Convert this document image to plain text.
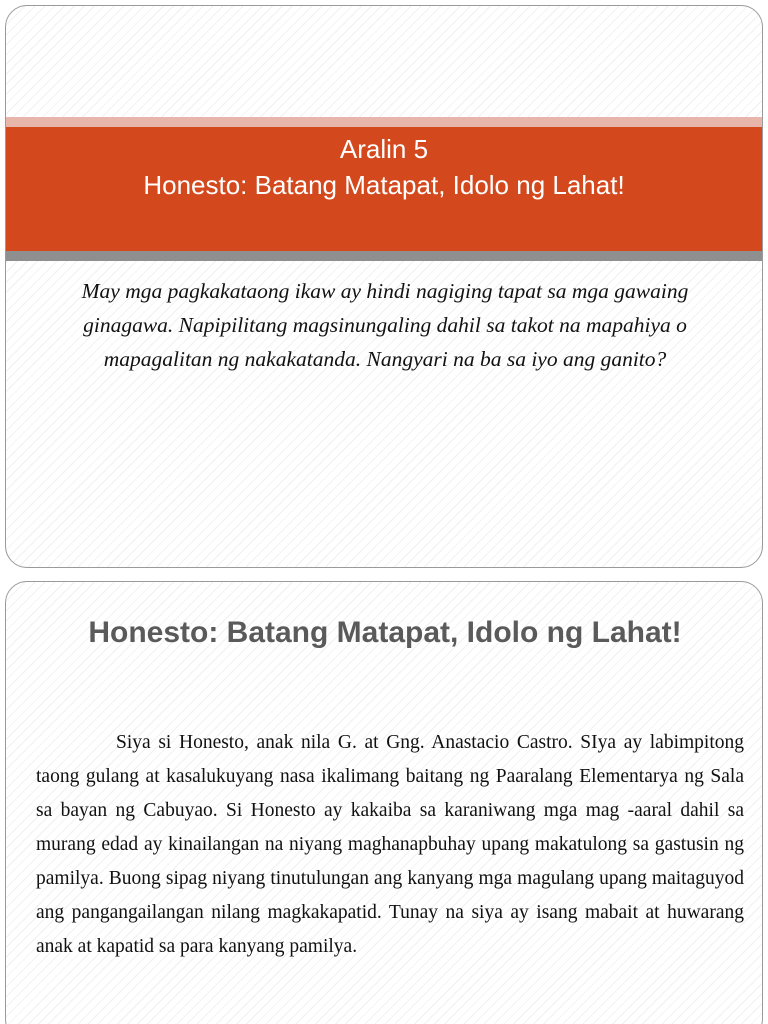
Aralin 5
Honesto: Batang Matapat, Idolo ng Lahat!

May mga pagkakataong ikaw ay hindi nagiging tapat sa mga gawaing ginagawa. Napipilitang magsinungaling dahil sa takot na mapahiya o mapagalitan ng nakakatanda. Nangyari na ba sa iyo ang ganito?

Honesto: Batang Matapat, Idolo ng Lahat!

Siya si Honesto, anak nila G. at Gng. Anastacio Castro. SIya ay labimpitong taong gulang at kasalukuyang nasa ikalimang baitang ng Paaralang Elementarya ng Sala sa bayan ng Cabuyao. Si Honesto ay kakaiba sa karaniwang mga mag -aaral dahil sa murang edad ay kinailangan na niyang maghanapbuhay upang makatulong sa gastusin ng pamilya. Buong sipag niyang tinutulungan ang kanyang mga magulang upang maitaguyod ang pangangailangan nilang magkakapatid. Tunay na siya ay isang mabait at huwarang anak at kapatid sa para kanyang pamilya.
